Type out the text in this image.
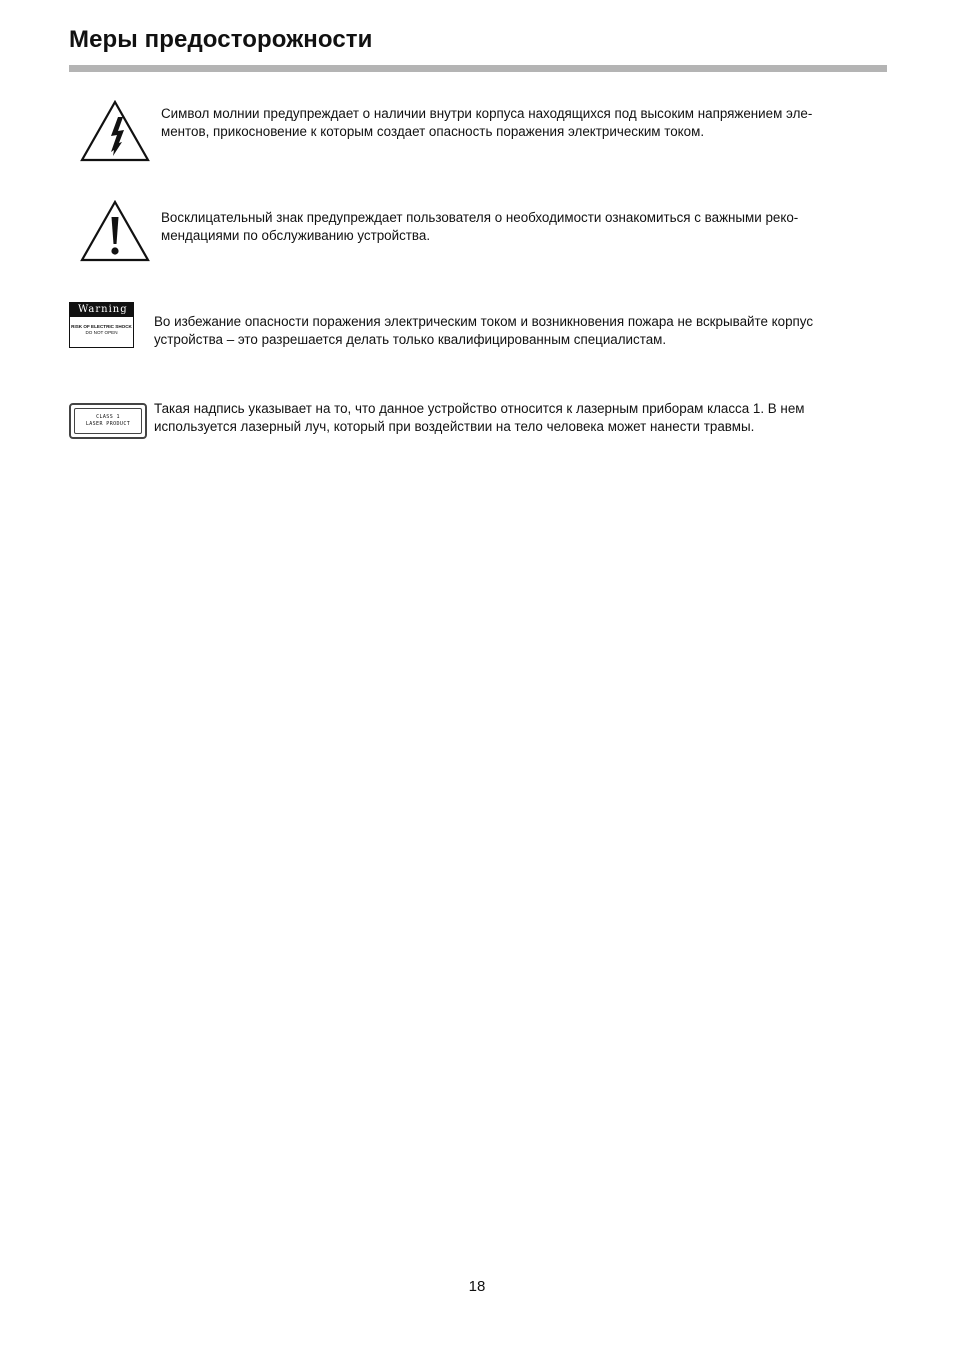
Меры предосторожности

Символ молнии предупреждает о наличии внутри корпуса находящихся под высоким напряжением эле-
ментов, прикосновение к которым создает опасность поражения электрическим током.

Восклицательный знак предупреждает пользователя о необходимости ознакомиться с важными реко-
мендациями по обслуживанию устройства.

Warning
RISK OF ELECTRIC SHOCK
DO NOT OPEN

Во избежание опасности поражения электрическим током и возникновения пожара не вскрывайте корпус
устройства – это разрешается делать только квалифицированным специалистам.

CLASS 1
LASER PRODUCT

Такая надпись указывает на то, что данное устройство относится к лазерным приборам класса 1. В нем
используется лазерный луч, который при воздействии на тело человека может нанести травмы.

18
